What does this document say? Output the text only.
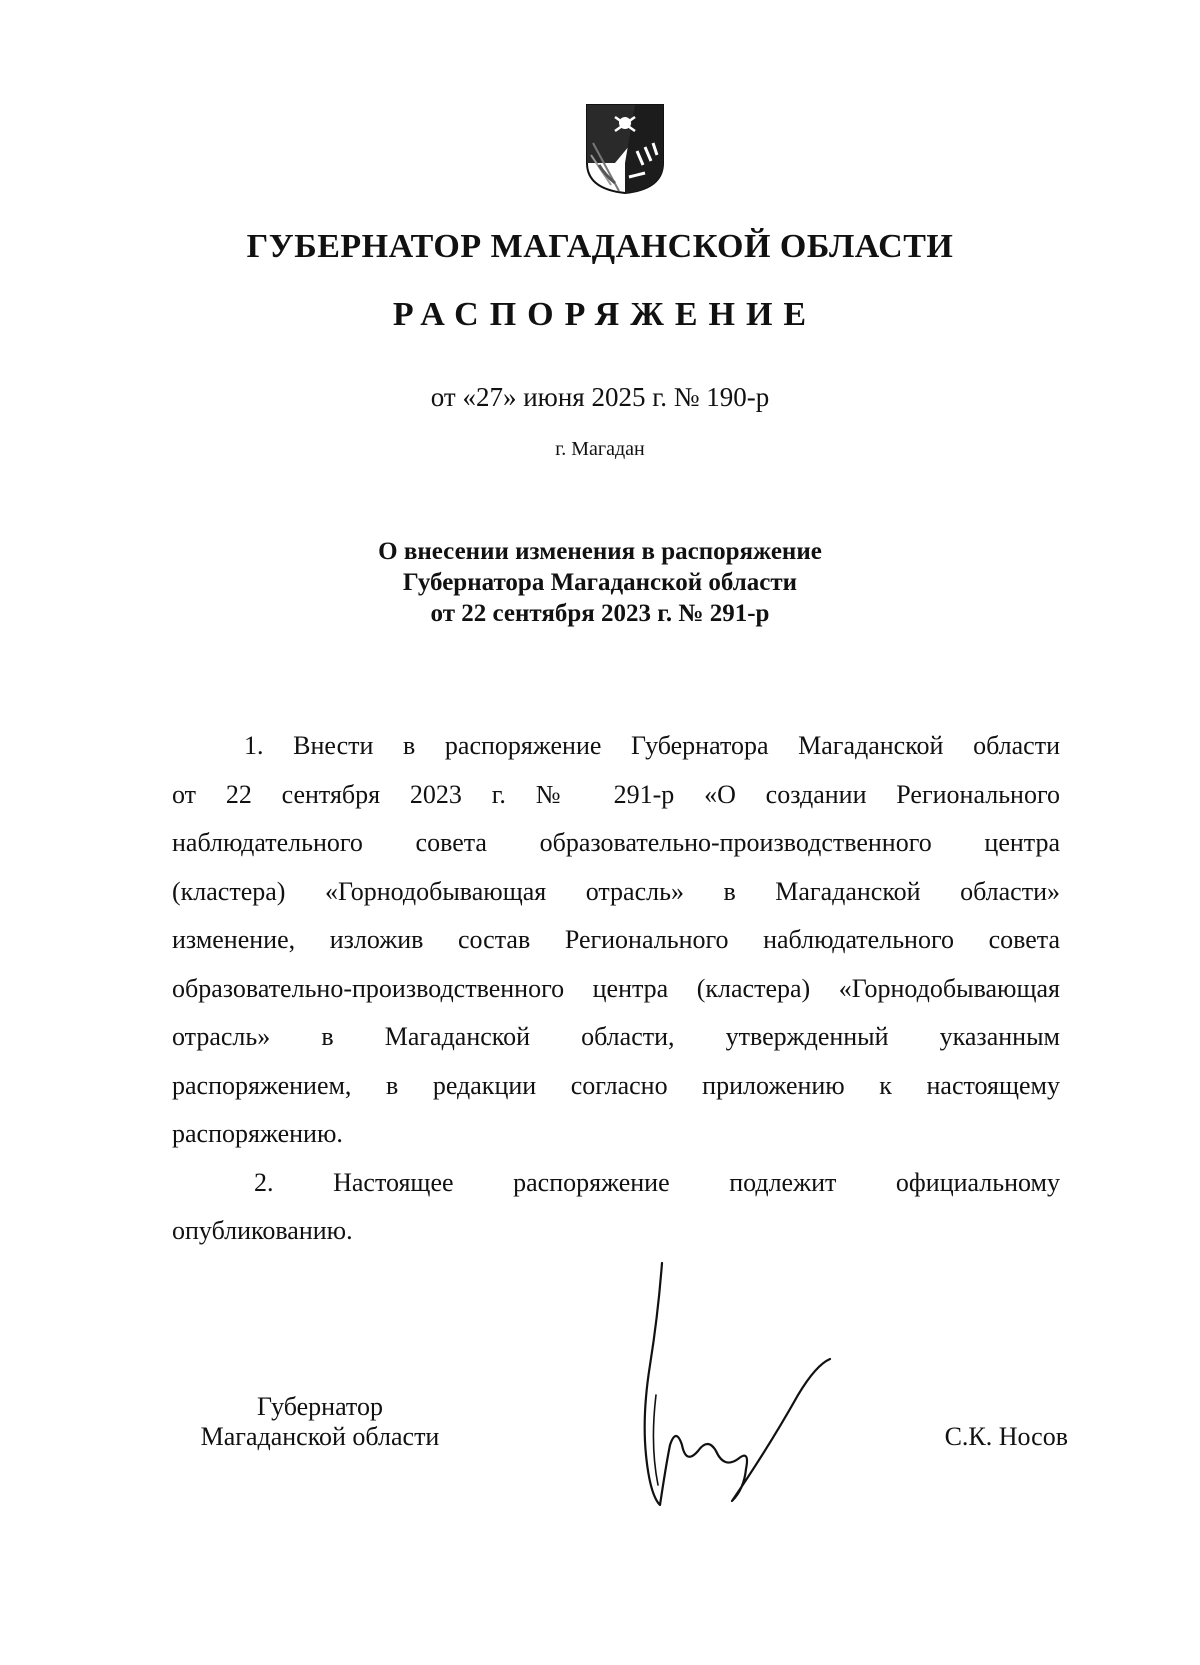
ГУБЕРНАТОР МАГАДАНСКОЙ ОБЛАСТИ
РАСПОРЯЖЕНИЕ
от «27» июня 2025 г. № 190-р
г. Магадан
О внесении изменения в распоряжение
Губернатора Магаданской области
от 22 сентября 2023 г. № 291-р
1. Внести в распоряжение Губернатора Магаданской области
от 22 сентября 2023 г. № 291-р «О создании Регионального
наблюдательного совета образовательно-производственного центра
(кластера) «Горнодобывающая отрасль» в Магаданской области»
изменение, изложив состав Регионального наблюдательного совета
образовательно-производственного центра (кластера) «Горнодобывающая
отрасль» в Магаданской области, утвержденный указанным
распоряжением, в редакции согласно приложению к настоящему
распоряжению.
2. Настоящее распоряжение подлежит официальному
опубликованию.
Губернатор
Магаданской области	С.К. Носов
